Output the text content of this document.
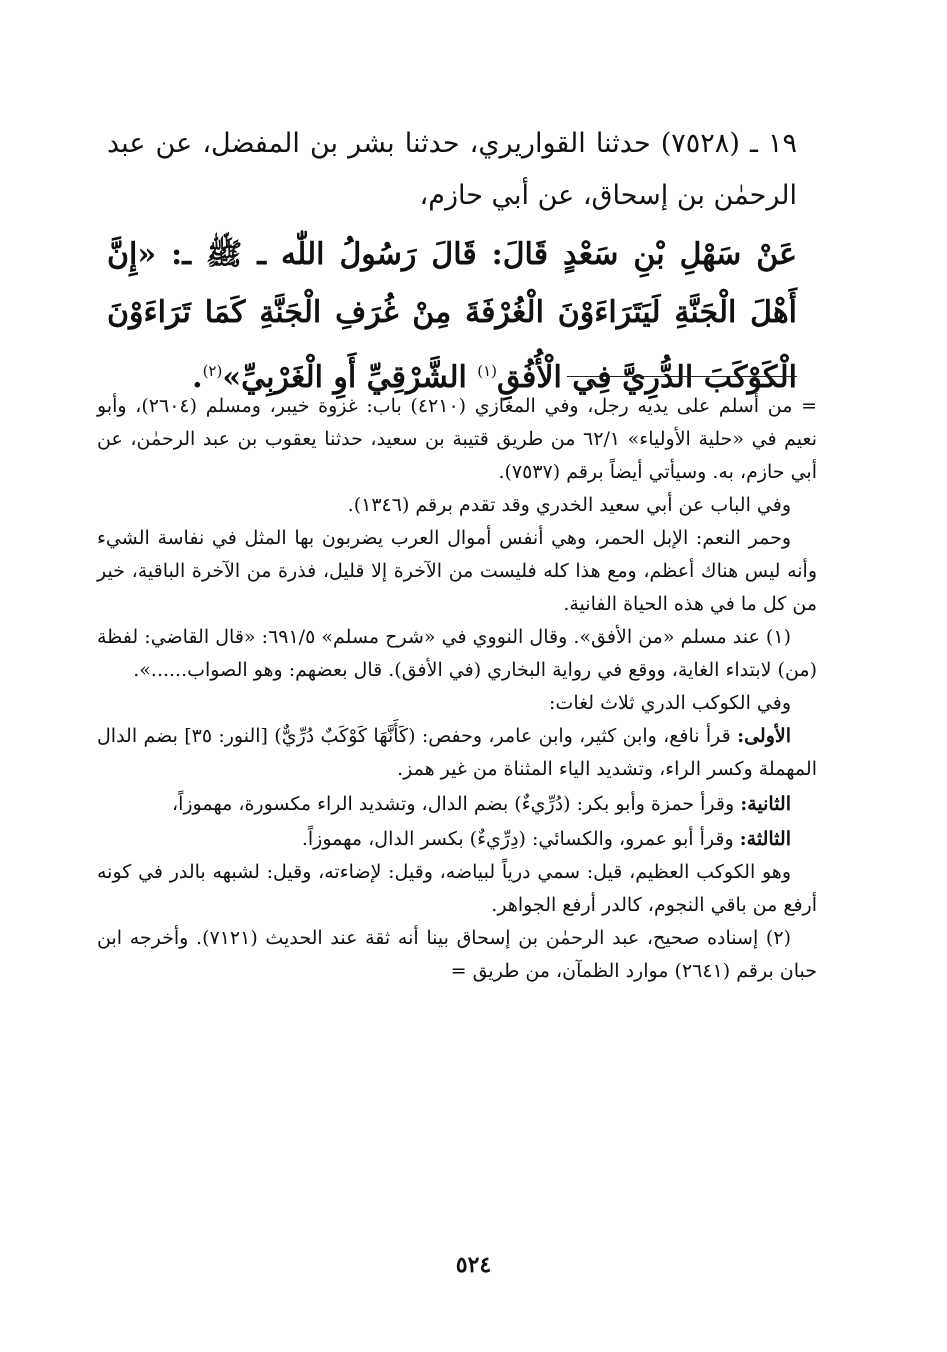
١٩ ـ (٧٥٢٨) حدثنا القواريري، حدثنا بشر بن المفضل، عن عبد الرحمٰن بن إسحاق، عن أبي حازم،

عَنْ سَهْلِ بْنِ سَعْدٍ قَالَ: قَالَ رَسُولُ اللّٰه ـ ﷺ ـ: «إِنَّ أَهْلَ الْجَنَّةِ لَيَتَرَاءَوْنَ الْغُرْفَةَ مِنْ غُرَفِ الْجَنَّةِ كَمَا تَرَاءَوْنَ الْكَوْكَبَ الدُّرِيَّ فِي الْأُفُقِ$^{(١)}$ الشَّرْقِيِّ أَوِ الْغَرْبِيِّ»$^{(٢)}$.

= من أسلم على يديه رجل، وفي المغازي (٤٢١٠) باب: غزوة خيبر، ومسلم (٢٦٠٤)، وأبو نعيم في «حلية الأولياء» ٦٢/١ من طريق قتيبة بن سعيد، حدثنا يعقوب بن عبد الرحمٰن، عن أبي حازم، به. وسيأتي أيضاً برقم (٧٥٣٧).

وفي الباب عن أبي سعيد الخدري وقد تقدم برقم (١٣٤٦).

وحمر النعم: الإبل الحمر، وهي أنفس أموال العرب يضربون بها المثل في نفاسة الشيء وأنه ليس هناك أعظم، ومع هذا كله فليست من الآخرة إلا قليل، فذرة من الآخرة الباقية، خير من كل ما في هذه الحياة الفانية.

(١) عند مسلم «من الأفق». وقال النووي في «شرح مسلم» ٦٩١/٥: «قال القاضي: لفظة (من) لابتداء الغاية، ووقع في رواية البخاري (في الأفق). قال بعضهم: وهو الصواب......».

وفي الكوكب الدري ثلاث لغات:

الأولى: قرأ نافع، وابن كثير، وابن عامر، وحفص: (كَأَنَّهَا كَوْكَبٌ دُرِّيٌّ) [النور: ٣٥] بضم الدال المهملة وكسر الراء، وتشديد الياء المثناة من غير همز.

الثانية: وقرأ حمزة وأبو بكر: (دُرِّيءٌ) بضم الدال، وتشديد الراء مكسورة، مهموزاً،

الثالثة: وقرأ أبو عمرو، والكسائي: (دِرِّيءٌ) بكسر الدال، مهموزاً.

وهو الكوكب العظيم، قيل: سمي درياً لبياضه، وقيل: لإضاءته، وقيل: لشبهه بالدر في كونه أرفع من باقي النجوم، كالدر أرفع الجواهر.

(٢) إسناده صحيح، عبد الرحمٰن بن إسحاق بينا أنه ثقة عند الحديث (٧١٢١). وأخرجه ابن حبان برقم (٢٦٤١) موارد الظمآن، من طريق =

٥٢٤
